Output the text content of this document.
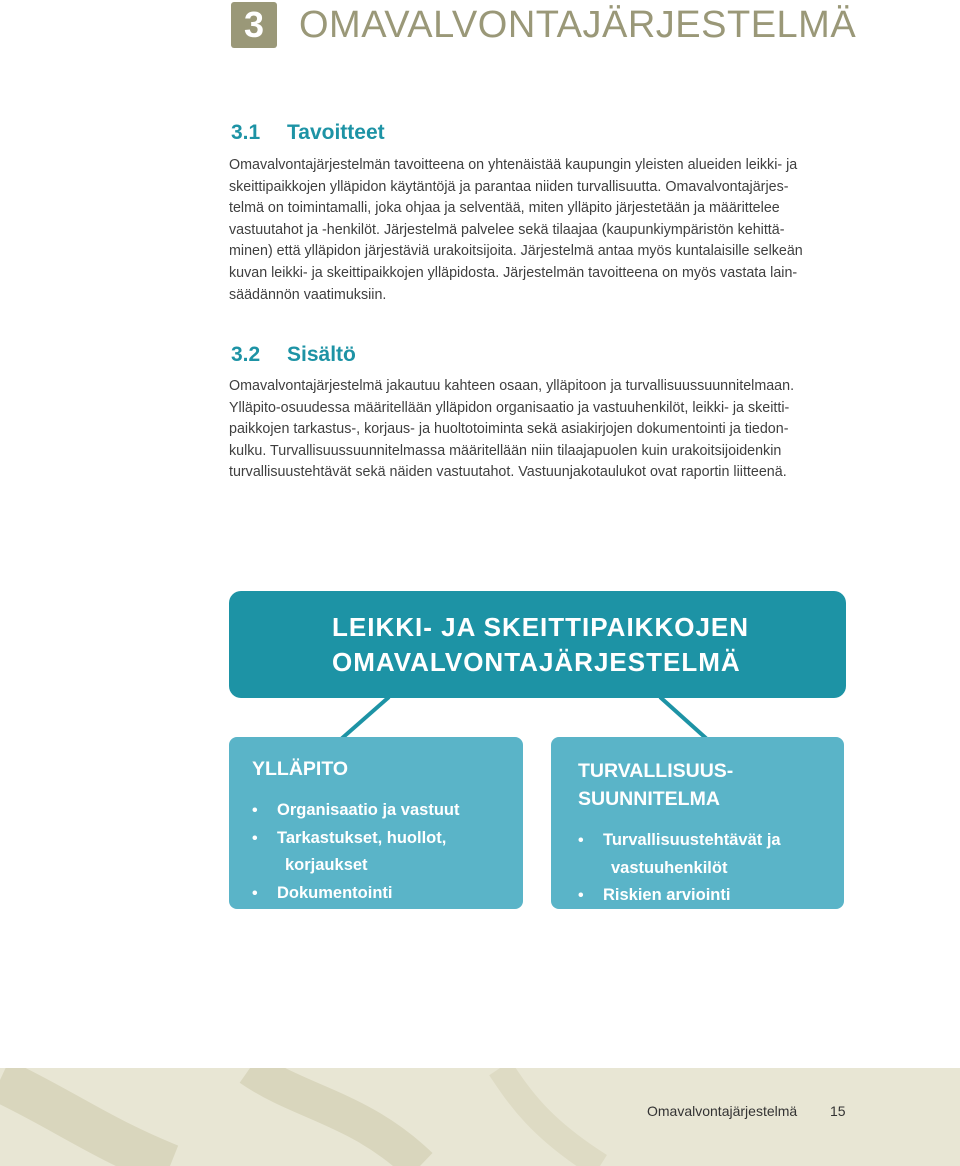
3 OMAVALVONTAJÄRJESTELMÄ
3.1	Tavoitteet
Omavalvontajärjestelmän tavoitteena on yhtenäistää kaupungin yleisten alueiden leikki- ja
skeittipaikkojen ylläpidon käytäntöjä ja parantaa niiden turvallisuutta. Omavalvontajärjes-
telmä on toimintamalli, joka ohjaa ja selventää, miten ylläpito järjestetään ja määrittelee
vastuutahot ja -henkilöt. Järjestelmä palvelee sekä tilaajaa (kaupunkiympäristön kehittä-
minen) että ylläpidon järjestäviä urakoitsijoita. Järjestelmä antaa myös kuntalaisille selkeän
kuvan leikki- ja skeittipaikkojen ylläpidosta. Järjestelmän tavoitteena on myös vastata lain-
säädännön vaatimuksiin.
3.2	Sisältö
Omavalvontajärjestelmä jakautuu kahteen osaan, ylläpitoon ja turvallisuussuunnitelmaan.
Ylläpito-osuudessa määritellään ylläpidon organisaatio ja vastuuhenkilöt, leikki- ja skeitti-
paikkojen tarkastus-, korjaus- ja huoltotoiminta sekä asiakirjojen dokumentointi ja tiedon-
kulku. Turvallisuussuunnitelmassa määritellään niin tilaajapuolen kuin urakoitsijoidenkin
turvallisuustehtävät sekä näiden vastuutahot. Vastuunjakotaulukot ovat raportin liitteenä.
LEIKKI- JA SKEITTIPAIKKOJEN
OMAVALVONTAJÄRJESTELMÄ
YLLÄPITO
• Organisaatio ja vastuut
• Tarkastukset, huollot,
korjaukset
• Dokumentointi
TURVALLISUUS-
SUUNNITELMA
• Turvallisuustehtävät ja
vastuuhenkilöt
• Riskien arviointi
Omavalvontajärjestelmä 15
